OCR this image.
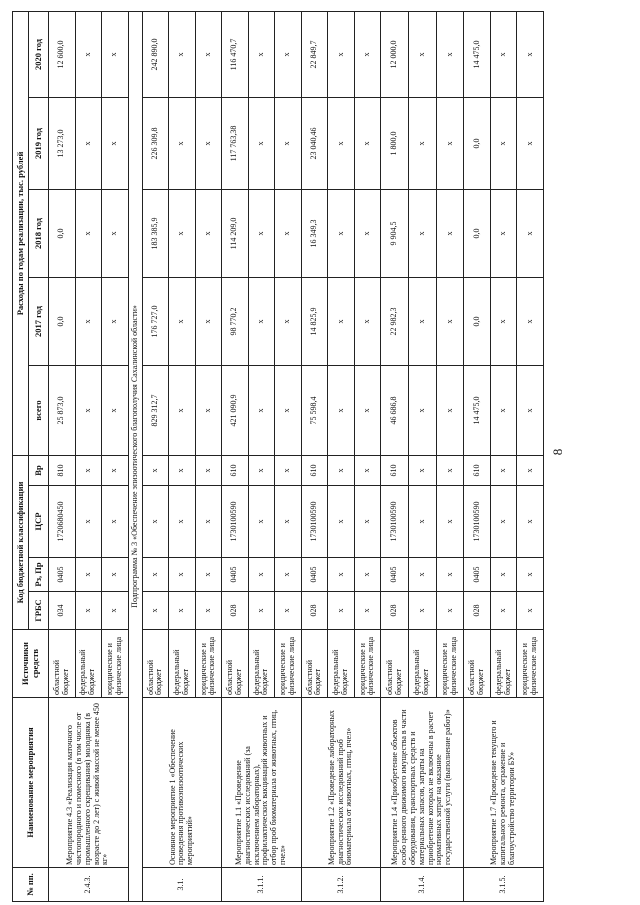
8
№ пп.	Наименование мероприятия	Источники средств	Код бюджетной классификации				Расходы по годам реализации, тыс. рублей				
			ГРБС	Рз, Пр	ЦСР	Вр	всего	2017 год	2018 год	2019 год	2020 год
2.4.3.	Мероприятие 4.3 «Реализация маточного чистопородного и помесного (в том числе от промышленного скрещивания) молодняка (в возрасте до 2 лет) с живой массой не менее 450 кг»	областной бюджет	034	0405	1720680450	810	25 873,0	0,0	0,0	13 273,0	12 600,0
		федеральный бюджет	х	х	х	х	х	х	х	х	х
		юридические и физические лица	х	х	х	х	х	х	х	х	х
Подпрограмма № 3 «Обеспечение эпизоотического благополучия Сахалинской области»											
3.1.	Основное мероприятие 1 «Обеспечение проведения противоэпизоотических мероприятий»	областной бюджет	х	х	х	х	829 312,7	176 727,0	183 385,9	226 309,8	242 890,0
		федеральный бюджет	х	х	х	х	х	х	х	х	х
		юридические и физические лица	х	х	х	х	х	х	х	х	х
3.1.1.	Мероприятие 1.1 «Проведение диагностических исследований (за исключением лабораторных), профилактических вакцинаций животных и отбор проб биоматериала от животных, птиц, пчел»	областной бюджет	028	0405	1730100590	610	421 090,9	98 770,2	114 209,0	117 763,38	116 470,7
		федеральный бюджет	х	х	х	х	х	х	х	х	х
		юридические и физические лица	х	х	х	х	х	х	х	х	х
3.1.2.	Мероприятие 1.2 «Проведение лабораторных диагностических исследований проб биоматериала от животных, птиц, пчел»	областной бюджет	028	0405	1730100590	610	75 598,4	14 825,9	16 349,3	23 040,46	22 849,7
		федеральный бюджет	х	х	х	х	х	х	х	х	х
		юридические и физические лица	х	х	х	х	х	х	х	х	х
3.1.4.	Мероприятие 1.4 «Приобретение объектов особо ценного движимого имущества в части оборудования, транспортных средств и материальных запасов, затраты на приобретение которых не включены в расчет нормативных затрат на оказание государственной услуги (выполнение работ)»	областной бюджет	028	0405	1730100590	610	46 686,8	22 982,3	9 904,5	1 800,0	12 000,0
		федеральный бюджет	х	х	х	х	х	х	х	х	х
		юридические и физические лица	х	х	х	х	х	х	х	х	х
3.1.5.	Мероприятие 1.7 «Проведение текущего и капитального ремонта, огражение и благоустройство территории БУ»	областной бюджет	028	0405	1730100590	610	14 475,0	0,0	0,0	0,0	14 475,0
		федеральный бюджет	х	х	х	х	х	х	х	х	х
		юридические и физические лица	х	х	х	х	х	х	х	х	х
